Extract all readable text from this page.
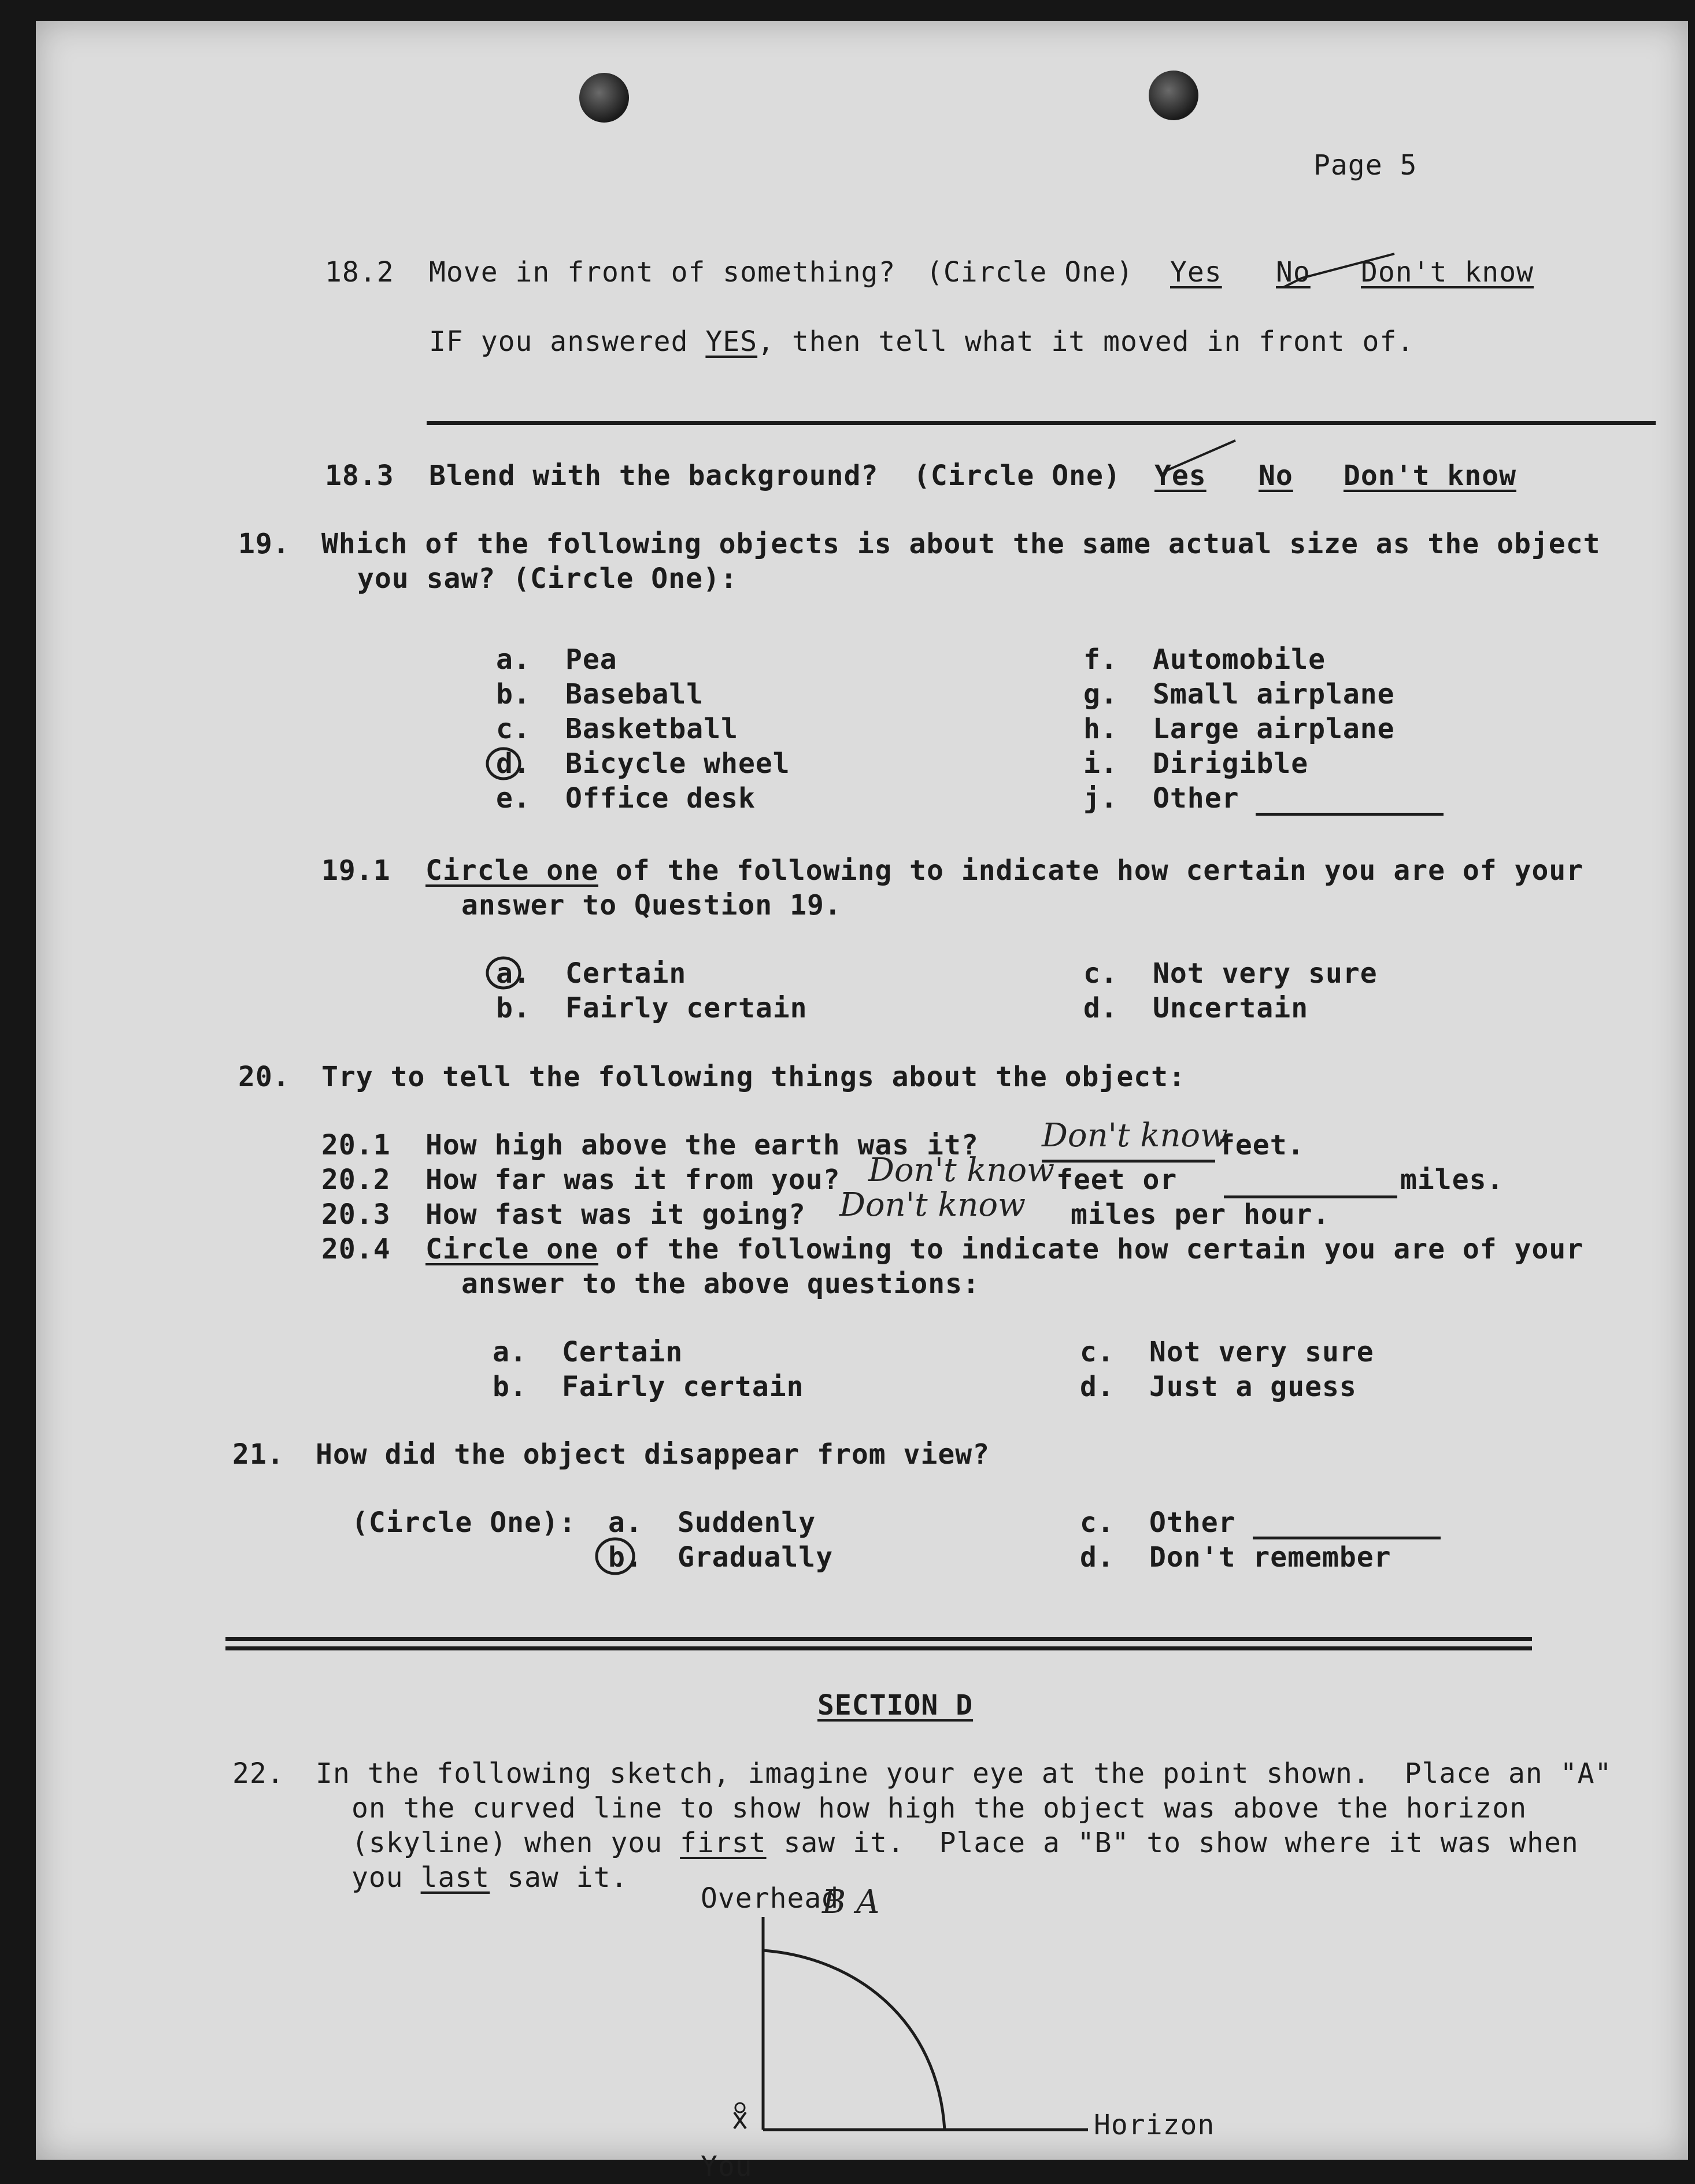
Page 5
18.2 Move in front of something? (Circle One) Yes No Don't know
IF you answered YES, then tell what it moved in front of.
18.3 Blend with the background? (Circle One) Yes No Don't know
19. Which of the following objects is about the same actual size as the object
you saw? (Circle One):
a. Pea
b. Baseball
c. Basketball
d. Bicycle wheel
e. Office desk
f. Automobile
g. Small airplane
h. Large airplane
i. Dirigible
j. Other
19.1 Circle one of the following to indicate how certain you are of your
answer to Question 19.
a. Certain
b. Fairly certain
c. Not very sure
d. Uncertain
20. Try to tell the following things about the object:
20.1 How high above the earth was it? Don't know
feet.
20.2 How far was it from you? Don't know feet or	miles.
20.3 How fast was it going? Don't know miles per hour.
20.4 Circle one of the following to indicate how certain you are of your
answer to the above questions:
a. Certain
b. Fairly certain
c. Not very sure
d. Just a guess
21. How did the object disappear from view?
(Circle One): a. Suddenly
b. Gradually
c. Other
d. Don't remember
SECTION D
22. In the following sketch, imagine your eye at the point shown.  Place an "A"
on the curved line to show how high the object was above the horizon
(skyline) when you first saw it.  Place a "B" to show where it was when
you last saw it.
Overhead
B A
Horizon
You
